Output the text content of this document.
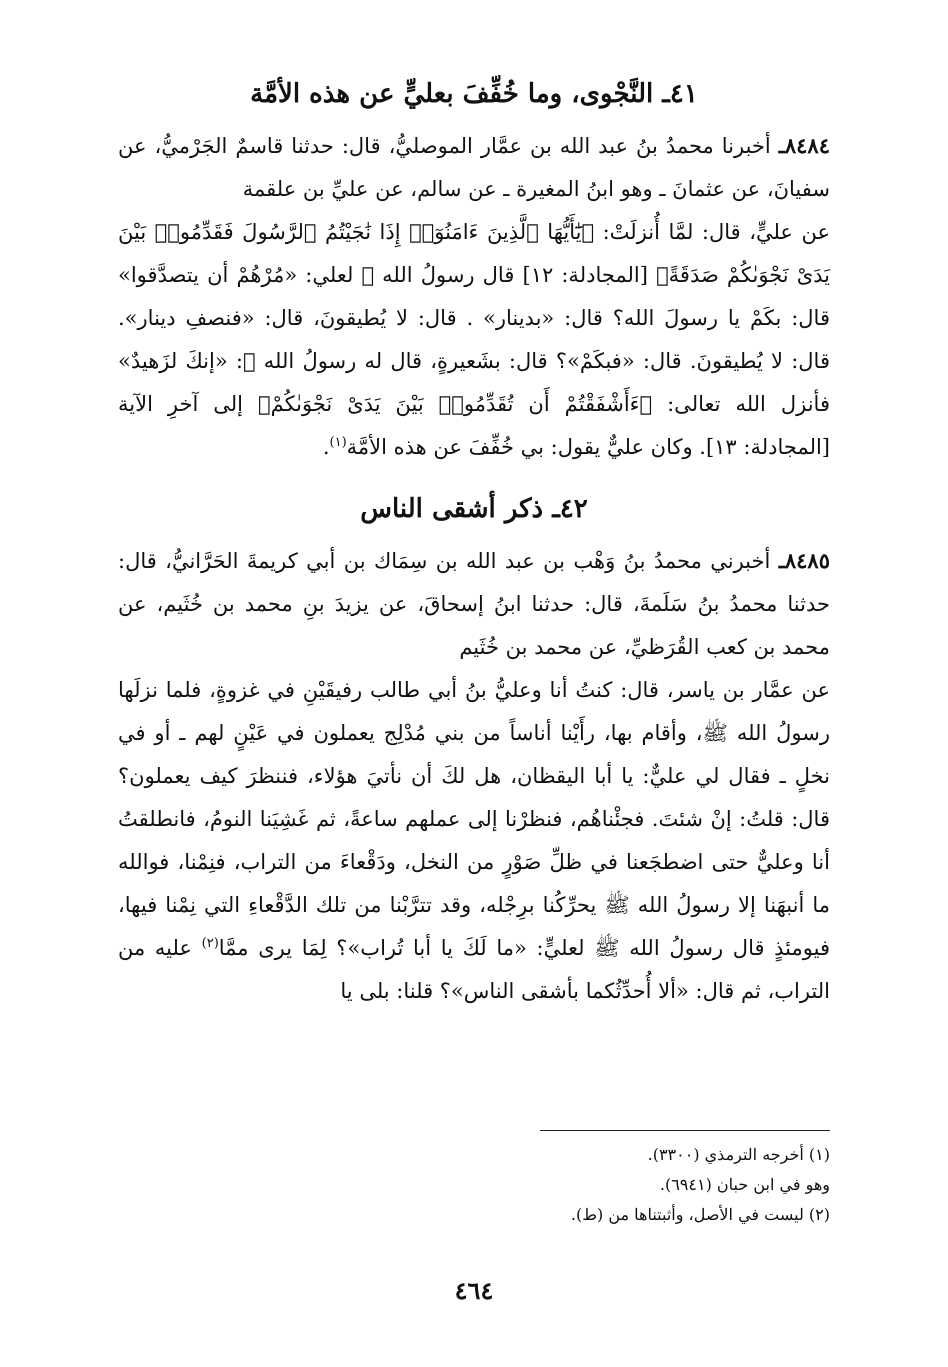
٤١ـ النَّجْوى، وما خُفِّفَ بعليٍّ عن هذه الأمَّة

٨٤٨٤ـ أخبرنا محمدُ بنُ عبد الله بن عمَّار الموصليُّ، قال: حدثنا قاسمٌ الجَرْميُّ، عن سفيانَ، عن عثمانَ ـ وهو ابنُ المغيرة ـ عن سالم، عن عليِّ بن علقمة

عن عليٍّ، قال: لمَّا أُنزلَتْ: ﴿يَٰٓأَيُّهَا ٱلَّذِينَ ءَامَنُوٓا۟ إِذَا نَٰجَيْتُمُ ٱلرَّسُولَ فَقَدِّمُوا۟ بَيْنَ يَدَىْ نَجْوَىٰكُمْ صَدَقَةً﴾ [المجادلة: ١٢] قال رسولُ الله ﷺ لعلي: «مُرْهُمْ أن يتصدَّقوا» قال: بكَمْ يا رسولَ الله؟ قال: «بدينار» . قال: لا يُطيقونَ، قال: «فنصفِ دينار». قال: لا يُطيقونَ. قال: «فبكَمْ»؟ قال: بشَعيرةٍ، قال له رسولُ الله ﷺ: «إنكَ لزَهيدٌ» فأنزل الله تعالى: ﴿ءَأَشْفَقْتُمْ أَن تُقَدِّمُوا۟ بَيْنَ يَدَىْ نَجْوَىٰكُمْ﴾ إلى آخرِ الآية [المجادلة: ١٣]. وكان عليٌّ يقول: بي خُفِّفَ عن هذه الأمَّة$^{(١)}$.

٤٢ـ ذكر أشقى الناس

٨٤٨٥ـ أخبرني محمدُ بنُ وَهْب بن عبد الله بن سِمَاك بن أبي كريمةَ الحَرَّانيُّ، قال: حدثنا محمدُ بنُ سَلَمةَ، قال: حدثنا ابنُ إسحاقَ، عن يزيدَ بنِ محمد بن خُثَيم، عن محمد بن كعب القُرَظيِّ، عن محمد بن خُثَيم

عن عمَّار بن ياسر، قال: كنتُ أنا وعليُّ بنُ أبي طالب رفيقَيْنِ في غزوةٍ، فلما نزلَها رسولُ الله ﷺ، وأقام بها، رأَيْنا أناساً من بني مُدْلِج يعملون في عَيْنٍ لهم ـ أو في نخلٍ ـ فقال لي عليٌّ: يا أبا اليقظان، هل لكَ أن نأتيَ هؤلاء، فننظرَ كيف يعملون؟ قال: قلتُ: إنْ شئتَ. فجئْناهُم، فنظرْنا إلى عملهم ساعةً، ثم غَشِيَنا النومُ، فانطلقتُ أنا وعليٌّ حتى اضطجَعنا في ظلِّ صَوْرٍ من النخل، ودَقْعاءَ من التراب، فنِمْنا، فوالله ما أنبهَنا إلا رسولُ الله ﷺ يحرِّكُنا برِجْله، وقد تترَّبْنا من تلك الدَّقْعاءِ التي نِمْنا فيها، فيومئذٍ قال رسولُ الله ﷺ لعليٍّ: «ما لَكَ يا أبا تُراب»؟ لِمَا يرى ممَّا$^{(٢)}$ عليه من التراب، ثم قال: «ألا أُحدِّثُكما بأشقى الناس»؟ قلنا: بلى يا

(١) أخرجه الترمذي (٣٣٠٠).

وهو في ابن حبان (٦٩٤١).

(٢) ليست في الأصل، وأثبتناها من (ط).

٤٦٤
